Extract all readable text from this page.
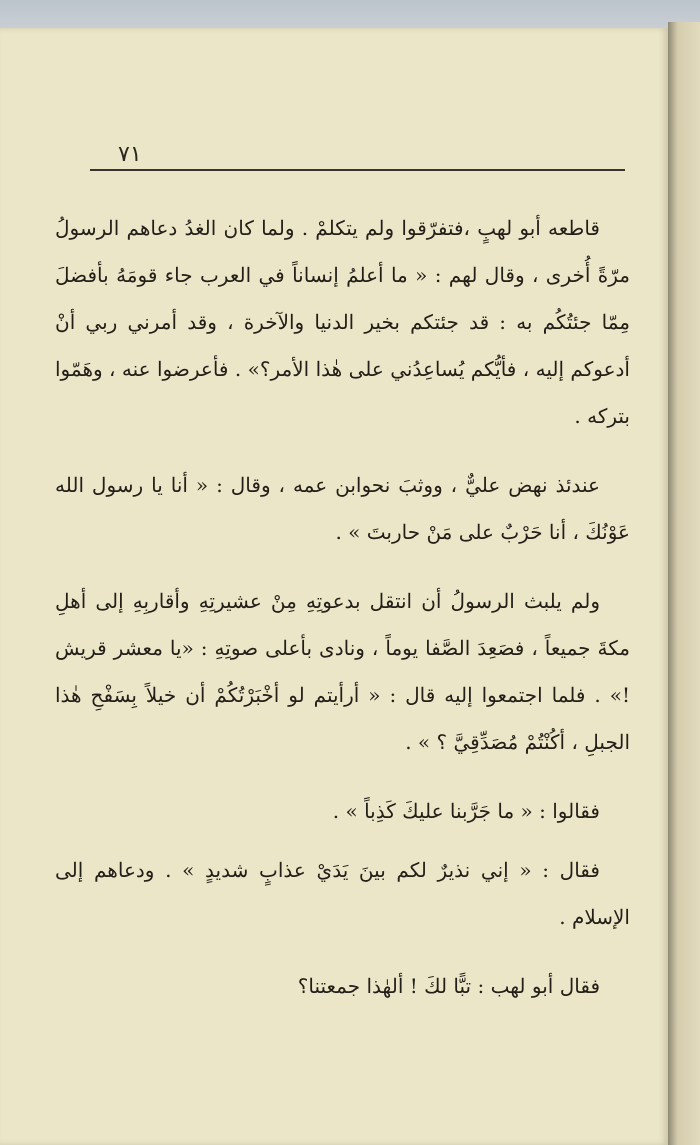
٧١

قاطعه أبو لهبٍ ،فتفرّقوا ولم يتكلمْ . ولما كان الغدُ دعاهم الرسولُ مرّةً أُخرى ، وقال لهم : « ما أعلمُ إنساناً في العرب جاء قومَهُ بأفضلَ مِمّا جئتُكُم به : قد جئتكم بخير الدنيا والآخرة ، وقد أمرني ربي أنْ أدعوكم إليه ، فأيُّكم يُساعِدُني على هٰذا الأمر؟» . فأعرضوا عنه ، وهَمّوا بتركه .

عندئذ نهض عليٌّ ، ووثبَ نحوابن عمه ، وقال : « أنا يا رسول الله عَوْنُكَ ، أنا حَرْبٌ على مَنْ حاربتَ » .

ولم يلبث الرسولُ أن انتقل بدعوتِهِ مِنْ عشيرتِهِ وأقاربِهِ إلى أهلِ مكةَ جميعاً ، فصَعِدَ الصَّفا يوماً ، ونادى بأعلى صوتِهِ : «يا معشر قريش !» . فلما اجتمعوا إليه قال : « أرأيتم لو أخْبَرْتُكُمْ أن خيلاً بِسَفْحِ هٰذا الجبلِ ، أكُنْتُمْ مُصَدِّقِيَّ ؟ » .

فقالوا : « ما جَرَّبنا عليكَ كَذِباً » .

فقال : « إني نذيرٌ لكم بينَ يَدَيْ عذابٍ شديدٍ » . ودعاهم إلى الإسلام .

فقال أبو لهب : تبًّا لكَ ! ألهٰذا جمعتنا؟
